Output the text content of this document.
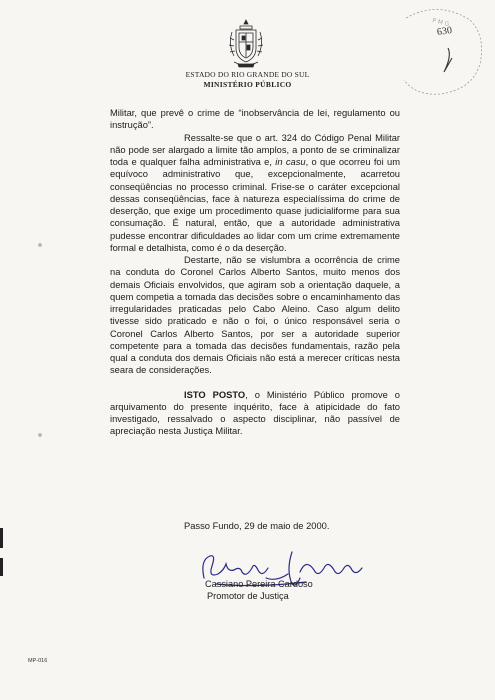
ESTADO DO RIO GRANDE DO SUL
MINISTÉRIO PÚBLICO
P M G
630

Militar, que prevê o crime de “inobservância de lei, regulamento ou instrução”.

Ressalte-se que o art. 324 do Código Penal Militar não pode ser alargado a limite tão amplos, a ponto de se criminalizar toda e qualquer falha administrativa e, in casu, o que ocorreu foi um equívoco administrativo que, excepcionalmente, acarretou conseqüências no processo criminal. Frise-se o caráter excepcional dessas conseqüências, face à natureza especialíssima do crime de deserção, que exige um procedimento quase judicialiforme para sua consumação. É natural, então, que a autoridade administrativa pudesse encontrar dificuldades ao lidar com um crime extremamente formal e detalhista, como é o da deserção.

Destarte, não se vislumbra a ocorrência de crime na conduta do Coronel Carlos Alberto Santos, muito menos dos demais Oficiais envolvidos, que agiram sob a orientação daquele, a quem competia a tomada das decisões sobre o encaminhamento das irregularidades praticadas pelo Cabo Aleino. Caso algum delito tivesse sido praticado e não o foi, o único responsável seria o Coronel Carlos Alberto Santos, por ser a autoridade superior competente para a tomada das decisões fundamentais, razão pela qual a conduta dos demais Oficiais não está a merecer críticas nesta seara de considerações.

ISTO POSTO, o Ministério Público promove o arquivamento do presente inquérito, face à atipicidade do fato investigado, ressalvado o aspecto disciplinar, não passível de apreciação nesta Justiça Militar.

Passo Fundo, 29 de maio de 2000.
Cassiano Pereira Cardoso
Promotor de Justiça
MP-016
